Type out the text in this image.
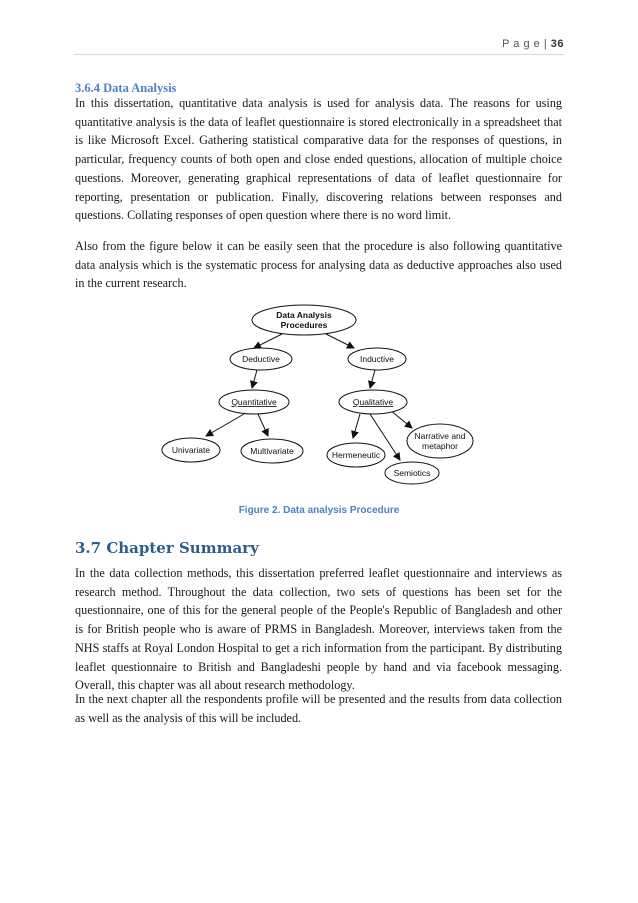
P a g e | 36
3.6.4 Data Analysis

In this dissertation, quantitative data analysis is used for analysis data. The reasons for using quantitative analysis is the data of leaflet questionnaire is stored electronically in a spreadsheet that is like Microsoft Excel. Gathering statistical comparative data for the responses of questions, in particular, frequency counts of both open and close ended questions, allocation of multiple choice questions. Moreover, generating graphical representations of data of leaflet questionnaire for reporting, presentation or publication. Finally, discovering relations between responses and questions. Collating responses of open question where there is no word limit.

Also from the figure below it can be easily seen that the procedure is also following quantitative data analysis which is the systematic process for analysing data as deductive approaches also used in the current research.

Data Analysis
Procedures
Deductive	Inductive
Quantitative	Qualitative
Univariate	Multivariate	Hermeneutic
Semiotics
Narrative and
metaphor
Figure 2. Data analysis Procedure
3.7 Chapter Summary

In the data collection methods, this dissertation preferred leaflet questionnaire and interviews as research method. Throughout the data collection, two sets of questions has been set for the questionnaire, one of this for the general people of the People's Republic of Bangladesh and other is for British people who is aware of PRMS in Bangladesh. Moreover, interviews taken from the NHS staffs at Royal London Hospital to get a rich information from the participant. By distributing leaflet questionnaire to British and Bangladeshi people by hand and via facebook messaging. Overall, this chapter was all about research methodology.

In the next chapter all the respondents profile will be presented and the results from data collection as well as the analysis of this will be included.
